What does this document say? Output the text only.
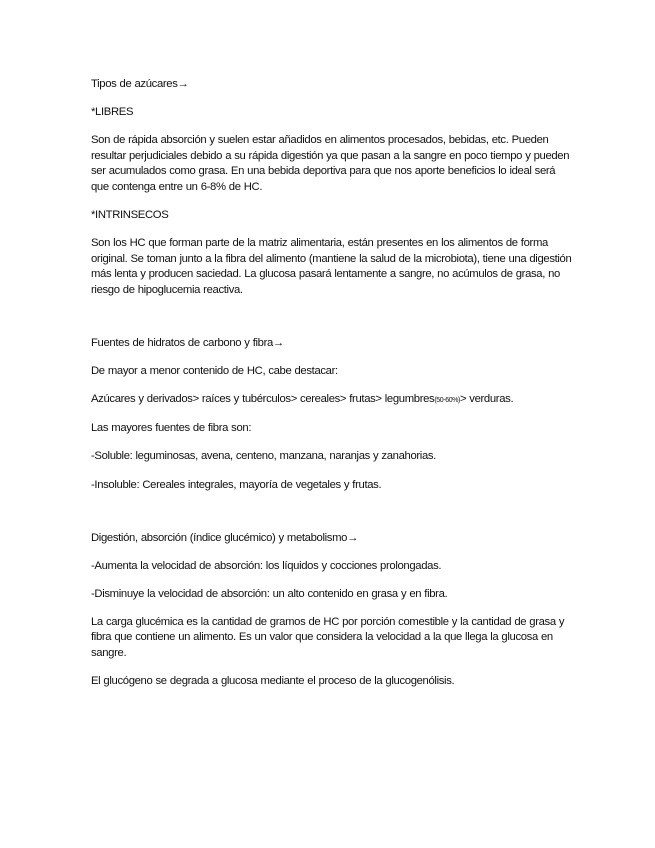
Tipos de azúcares→

*LIBRES

Son de rápida absorción y suelen estar añadidos en alimentos procesados, bebidas, etc. Pueden resultar perjudiciales debido a su rápida digestión ya que pasan a la sangre en poco tiempo y pueden ser acumulados como grasa. En una bebida deportiva para que nos aporte beneficios lo ideal será que contenga entre un 6-8% de HC.

*INTRINSECOS

Son los HC que forman parte de la matriz alimentaria, están presentes en los alimentos de forma original. Se toman junto a la fibra del alimento (mantiene la salud de la microbiota), tiene una digestión más lenta y producen saciedad. La glucosa pasará lentamente a sangre, no acúmulos de grasa, no riesgo de hipoglucemia reactiva.

Fuentes de hidratos de carbono y fibra→

De mayor a menor contenido de HC, cabe destacar:

Azúcares y derivados> raíces y tubérculos> cereales> frutas> legumbres(50-60%)> verduras.

Las mayores fuentes de fibra son:

-Soluble: leguminosas, avena, centeno, manzana, naranjas y zanahorias.

-Insoluble: Cereales integrales, mayoría de vegetales y frutas.

Digestión, absorción (índice glucémico) y metabolismo→

-Aumenta la velocidad de absorción: los líquidos y cocciones prolongadas.

-Disminuye la velocidad de absorción: un alto contenido en grasa y en fibra.

La carga glucémica es la cantidad de gramos de HC por porción comestible y la cantidad de grasa y fibra que contiene un alimento. Es un valor que considera la velocidad a la que llega la glucosa en sangre.

El glucógeno se degrada a glucosa mediante el proceso de la glucogenólisis.
